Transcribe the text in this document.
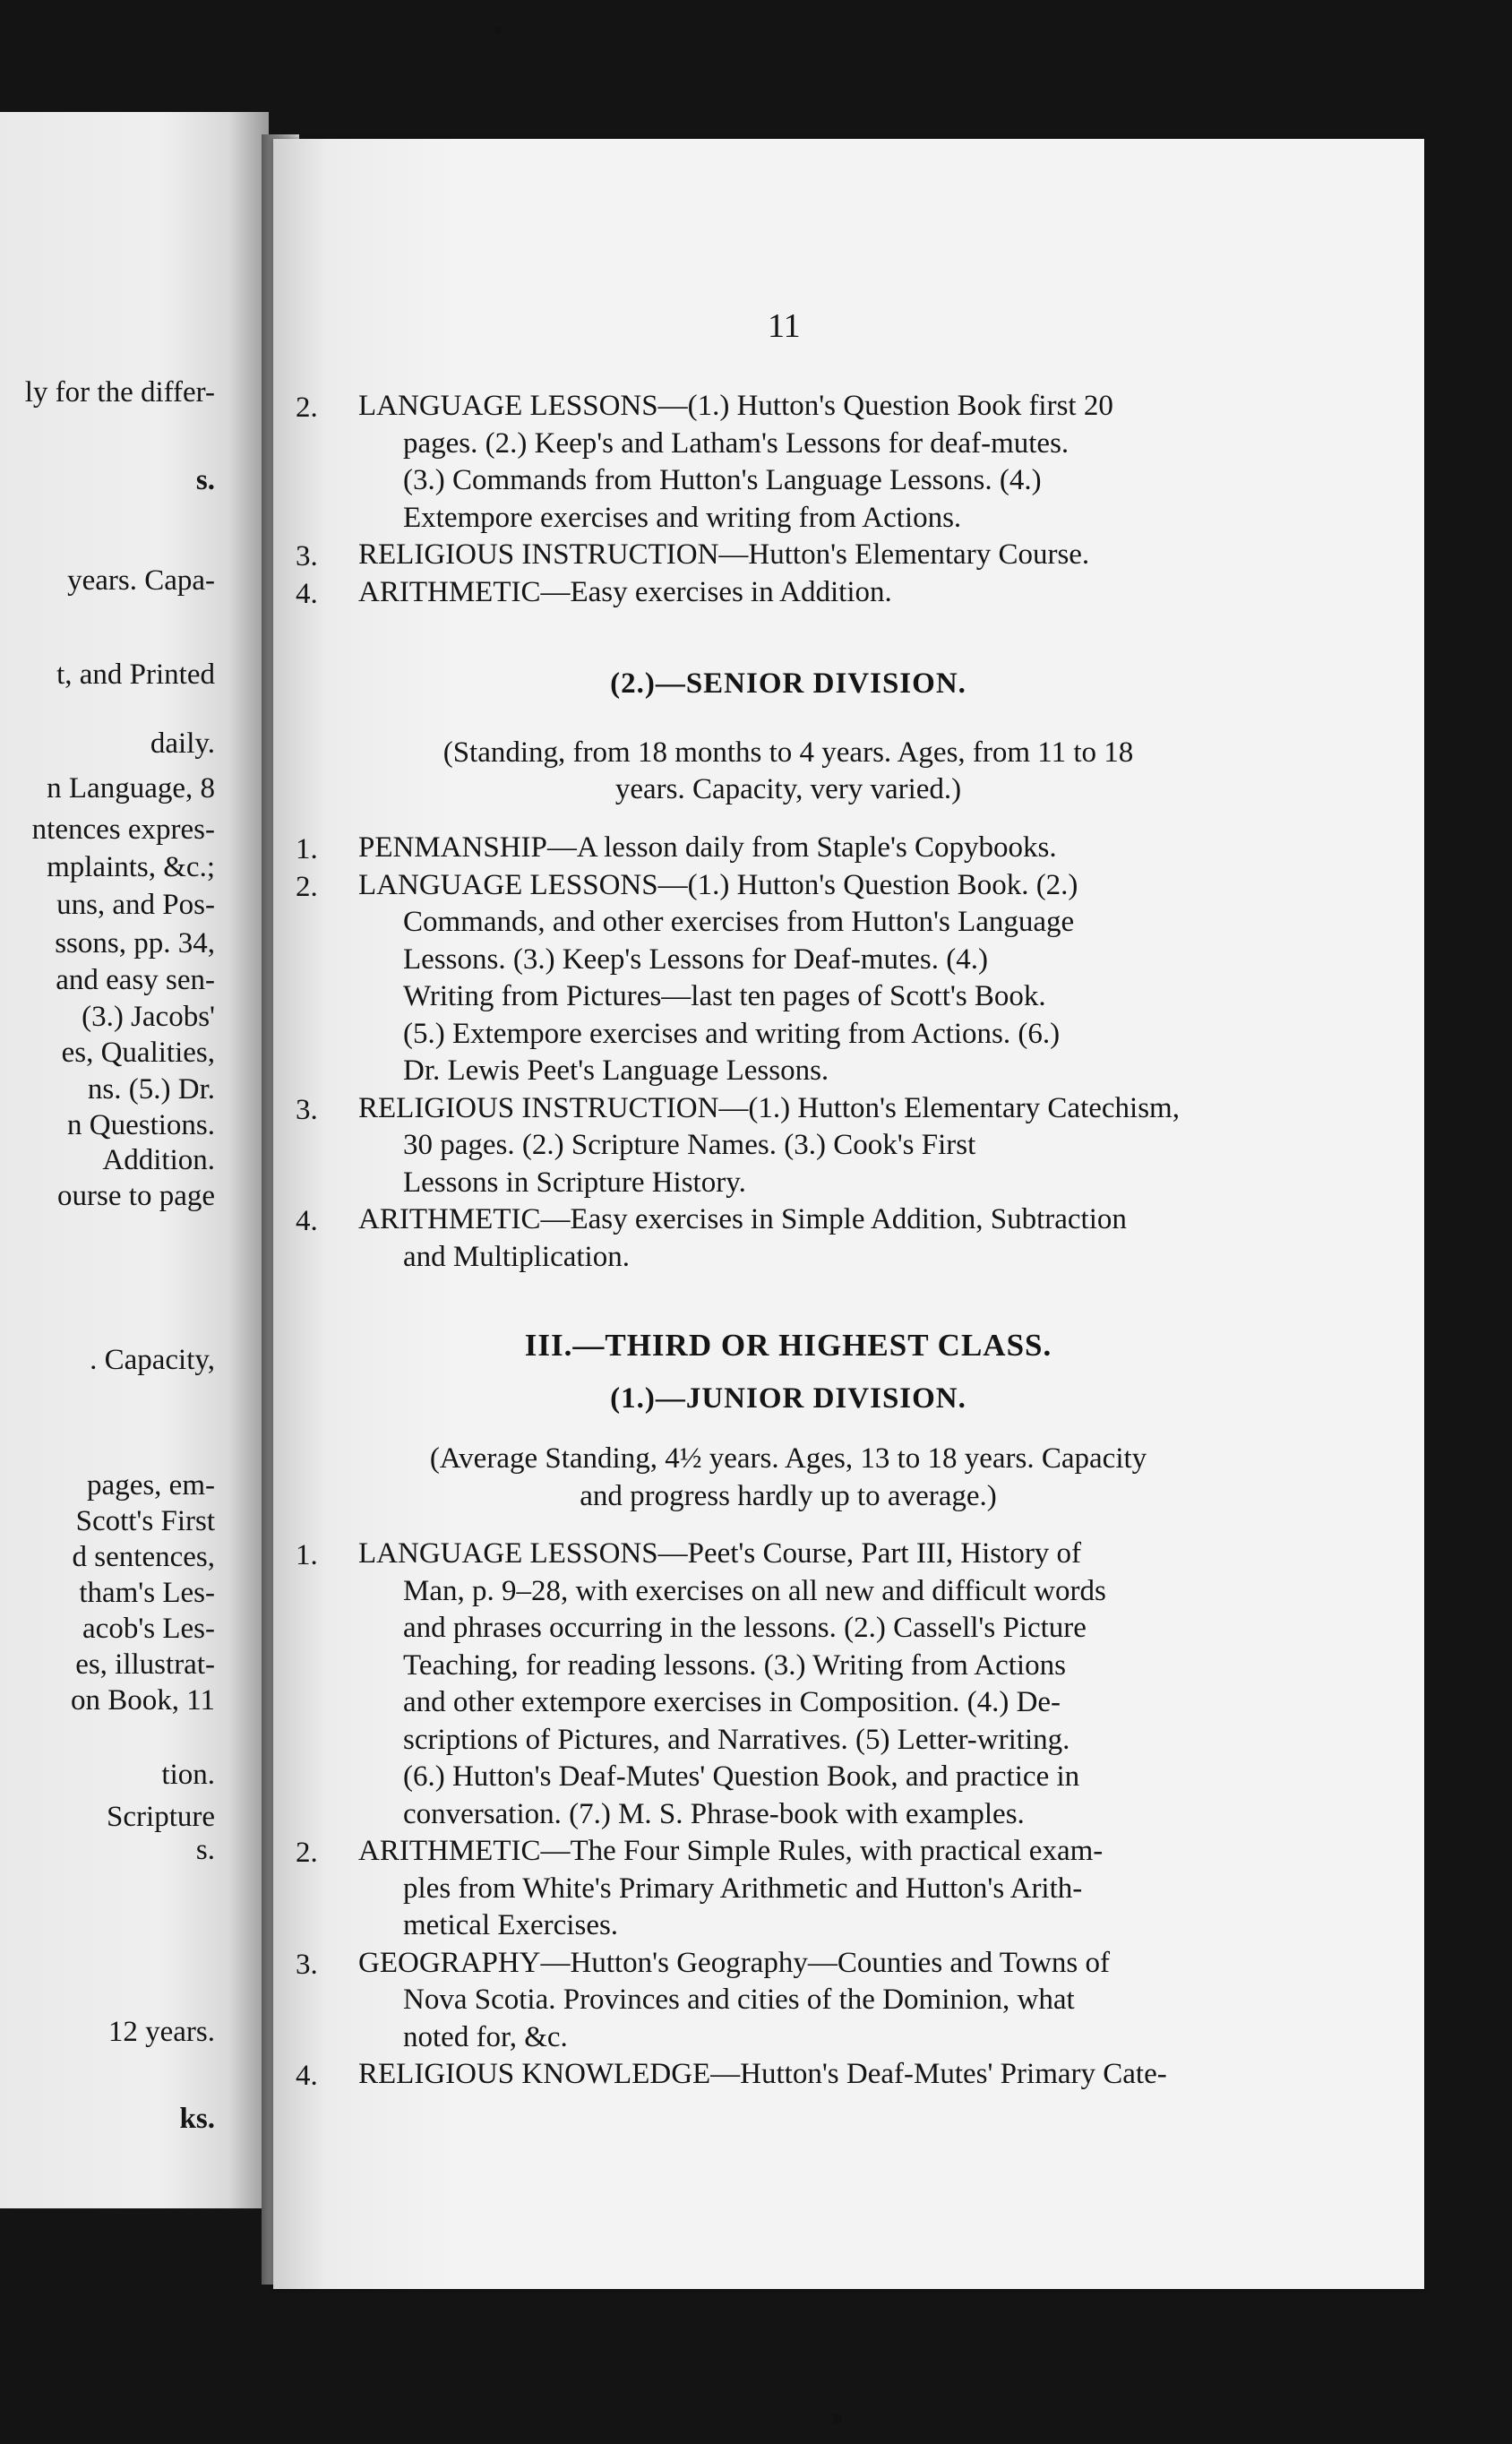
ly for the differ-
s.
years. Capa-
t, and Printed
daily.
n Language, 8
ntences expres-
mplaints, &c.;
uns, and Pos-
ssons, pp. 34,
and easy sen-
(3.) Jacobs'
es, Qualities,
ns. (5.) Dr.
n Questions.
Addition.
ourse to page
. Capacity,
pages, em-
Scott's First
d sentences,
tham's Les-
acob's Les-
es, illustrat-
on Book, 11
tion.
Scripture
s.
12 years.
ks.
11
2. LANGUAGE LESSONS—(1.) Hutton's Question Book first 20
pages. (2.) Keep's and Latham's Lessons for deaf-mutes.
(3.) Commands from Hutton's Language Lessons. (4.)
Extempore exercises and writing from Actions.
3. RELIGIOUS INSTRUCTION—Hutton's Elementary Course.
4. ARITHMETIC—Easy exercises in Addition.
(2.)—SENIOR DIVISION.
(Standing, from 18 months to 4 years. Ages, from 11 to 18
years. Capacity, very varied.)
1. PENMANSHIP—A lesson daily from Staple's Copybooks.
2. LANGUAGE LESSONS—(1.) Hutton's Question Book. (2.)
Commands, and other exercises from Hutton's Language
Lessons. (3.) Keep's Lessons for Deaf-mutes. (4.)
Writing from Pictures—last ten pages of Scott's Book.
(5.) Extempore exercises and writing from Actions. (6.)
Dr. Lewis Peet's Language Lessons.
3. RELIGIOUS INSTRUCTION—(1.) Hutton's Elementary Catechism,
30 pages. (2.) Scripture Names. (3.) Cook's First
Lessons in Scripture History.
4. ARITHMETIC—Easy exercises in Simple Addition, Subtraction
and Multiplication.
III.—THIRD OR HIGHEST CLASS.
(1.)—JUNIOR DIVISION.
(Average Standing, 4½ years. Ages, 13 to 18 years. Capacity
and progress hardly up to average.)
1. LANGUAGE LESSONS—Peet's Course, Part III, History of
Man, p. 9–28, with exercises on all new and difficult words
and phrases occurring in the lessons. (2.) Cassell's Picture
Teaching, for reading lessons. (3.) Writing from Actions
and other extempore exercises in Composition. (4.) De-
scriptions of Pictures, and Narratives. (5) Letter-writing.
(6.) Hutton's Deaf-Mutes' Question Book, and practice in
conversation. (7.) M. S. Phrase-book with examples.
2. ARITHMETIC—The Four Simple Rules, with practical exam-
ples from White's Primary Arithmetic and Hutton's Arith-
metical Exercises.
3. GEOGRAPHY—Hutton's Geography—Counties and Towns of
Nova Scotia. Provinces and cities of the Dominion, what
noted for, &c.
4. RELIGIOUS KNOWLEDGE—Hutton's Deaf-Mutes' Primary Cate-
